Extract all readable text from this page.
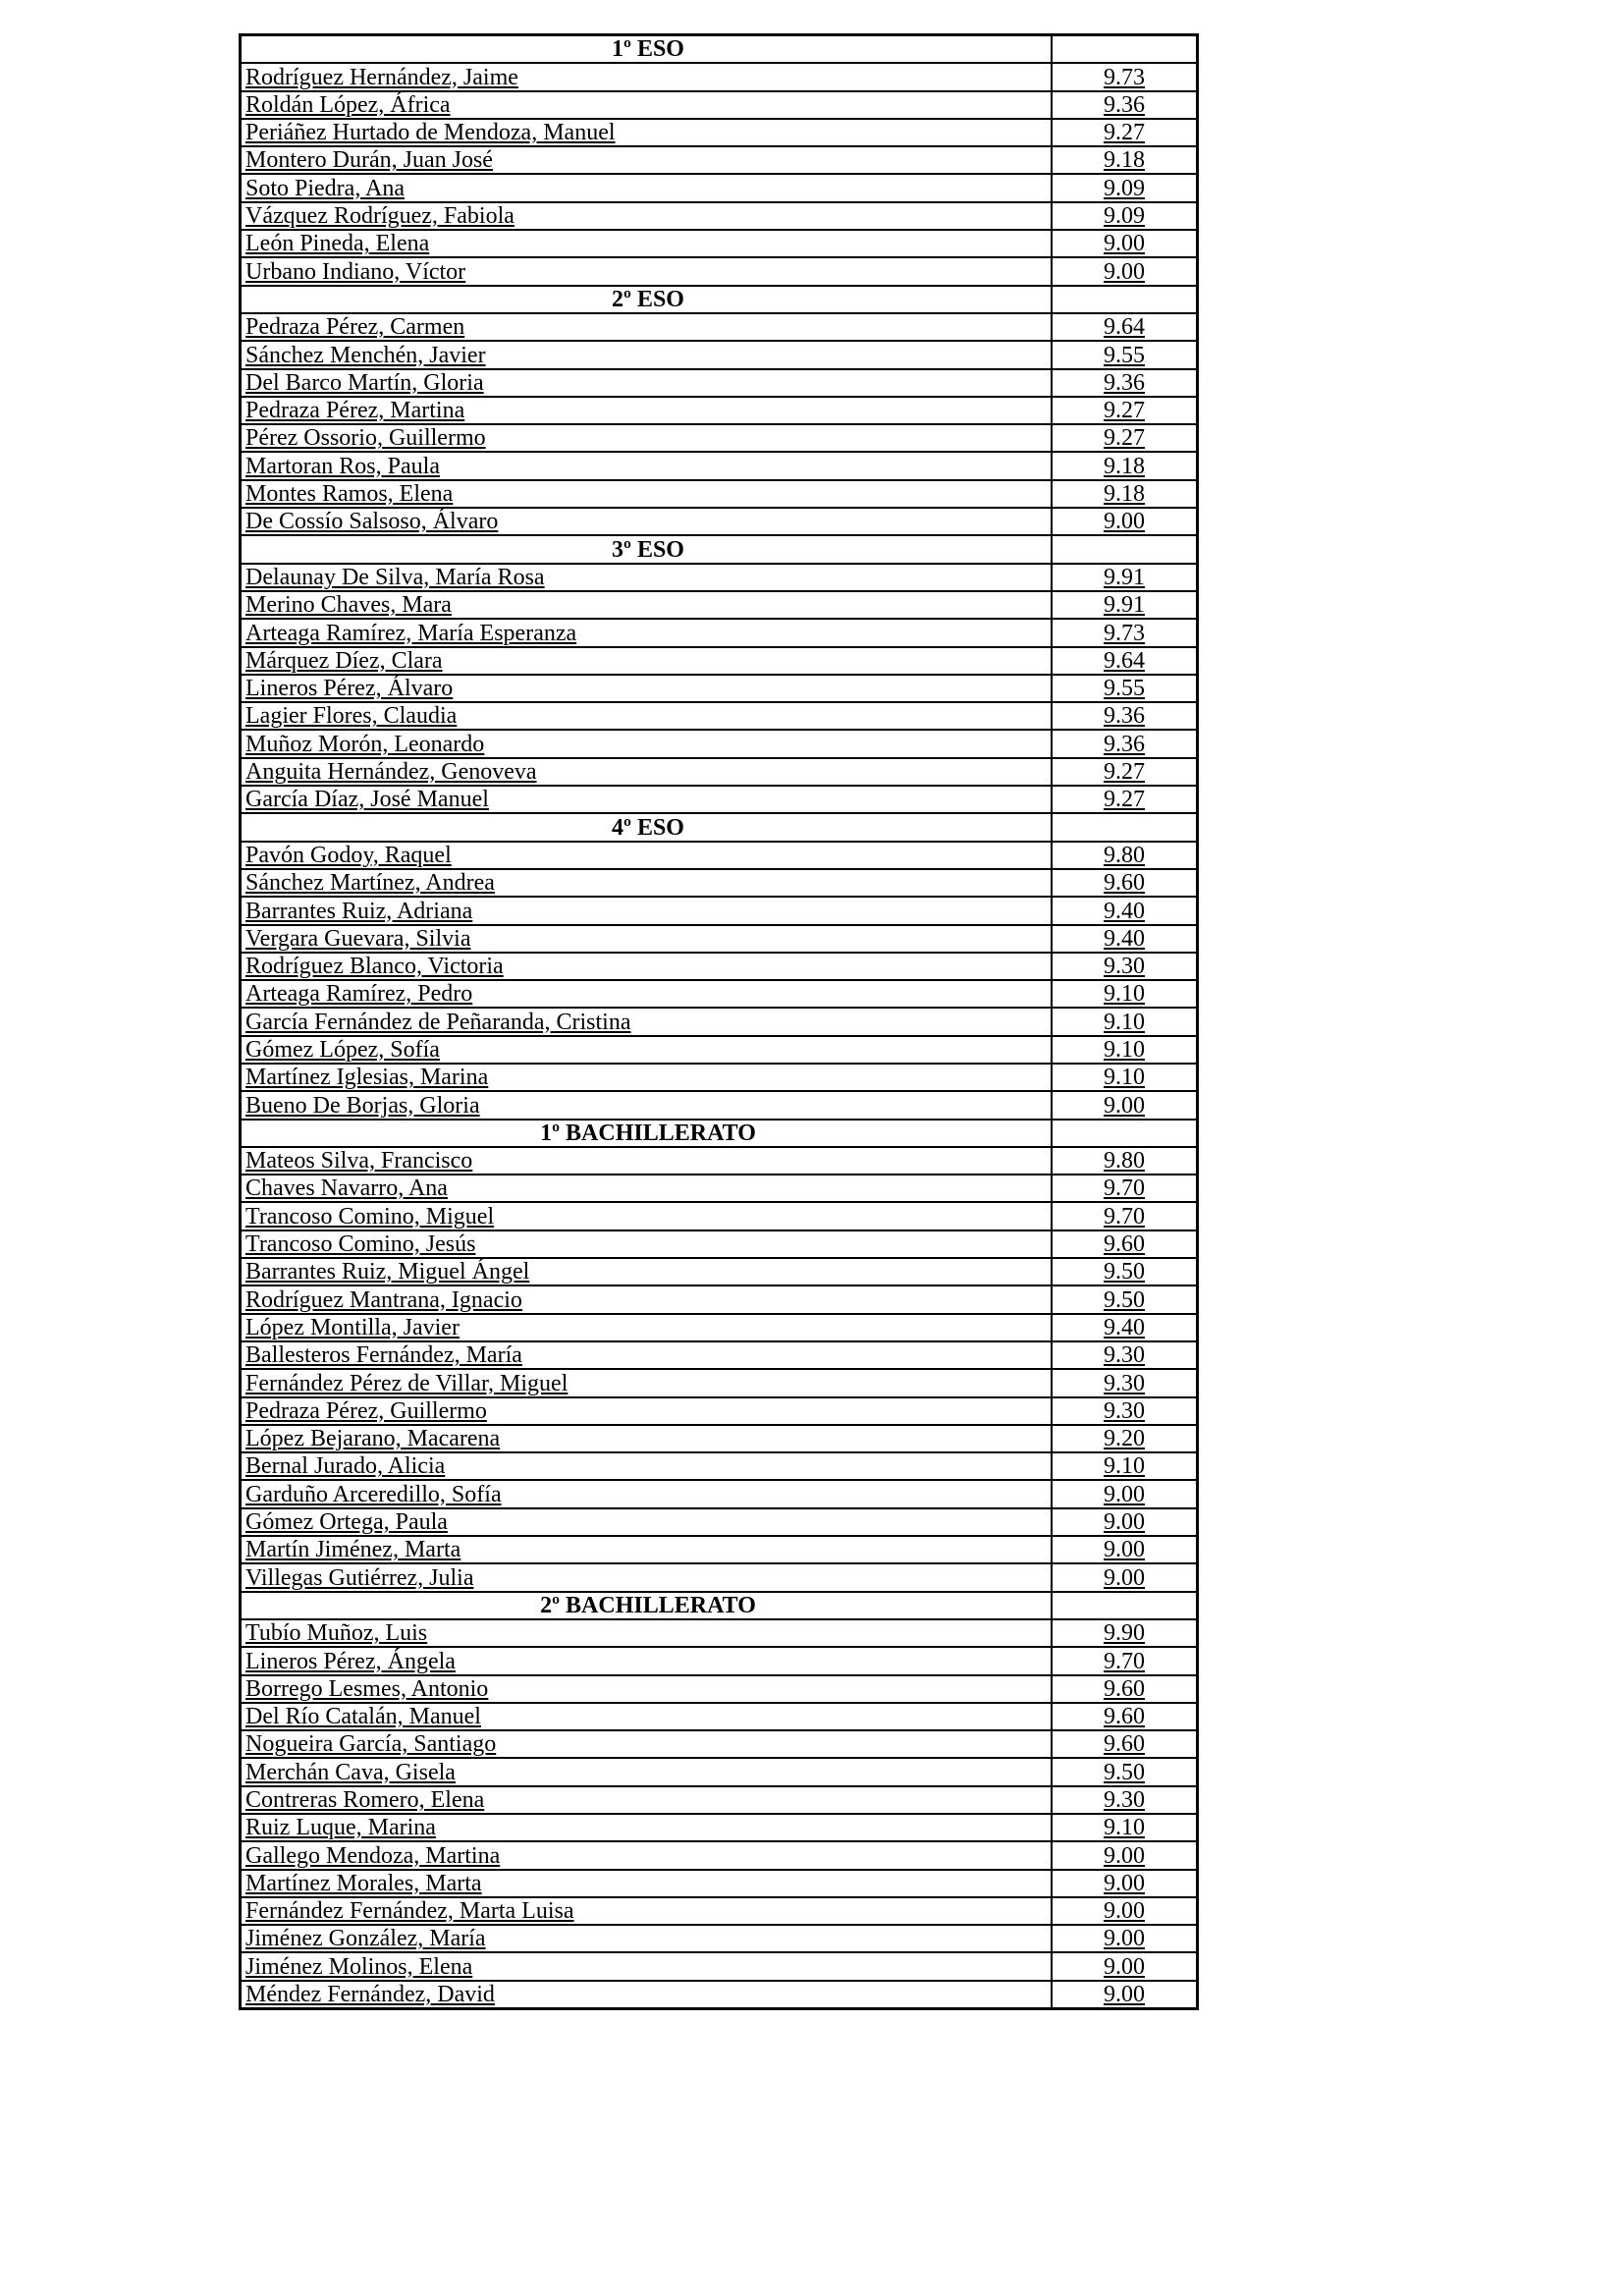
1º ESO	
Rodríguez Hernández, Jaime	9.73
Roldán López, África	9.36
Periáñez Hurtado de Mendoza, Manuel	9.27
Montero Durán, Juan José	9.18
Soto Piedra, Ana	9.09
Vázquez Rodríguez, Fabiola	9.09
León Pineda, Elena	9.00
Urbano Indiano, Víctor	9.00
2º ESO	
Pedraza Pérez, Carmen	9.64
Sánchez Menchén, Javier	9.55
Del Barco Martín, Gloria	9.36
Pedraza Pérez, Martina	9.27
Pérez Ossorio, Guillermo	9.27
Martoran Ros, Paula	9.18
Montes Ramos, Elena	9.18
De Cossío Salsoso, Álvaro	9.00
3º ESO	
Delaunay De Silva, María Rosa	9.91
Merino Chaves, Mara	9.91
Arteaga Ramírez, María Esperanza	9.73
Márquez Díez, Clara	9.64
Lineros Pérez, Álvaro	9.55
Lagier Flores, Claudia	9.36
Muñoz Morón, Leonardo	9.36
Anguita Hernández, Genoveva	9.27
García Díaz, José Manuel	9.27
4º ESO	
Pavón Godoy, Raquel	9.80
Sánchez Martínez, Andrea	9.60
Barrantes Ruiz, Adriana	9.40
Vergara Guevara, Silvia	9.40
Rodríguez Blanco, Victoria	9.30
Arteaga Ramírez, Pedro	9.10
García Fernández de Peñaranda, Cristina	9.10
Gómez López, Sofía	9.10
Martínez Iglesias, Marina	9.10
Bueno De Borjas, Gloria	9.00
1º BACHILLERATO	
Mateos Silva, Francisco	9.80
Chaves Navarro, Ana	9.70
Trancoso Comino, Miguel	9.70
Trancoso Comino, Jesús	9.60
Barrantes Ruiz, Miguel Ángel	9.50
Rodríguez Mantrana, Ignacio	9.50
López Montilla, Javier	9.40
Ballesteros Fernández, María	9.30
Fernández Pérez de Villar, Miguel	9.30
Pedraza Pérez, Guillermo	9.30
López Bejarano, Macarena	9.20
Bernal Jurado, Alicia	9.10
Garduño Arceredillo, Sofía	9.00
Gómez Ortega, Paula	9.00
Martín Jiménez, Marta	9.00
Villegas Gutiérrez, Julia	9.00
2º BACHILLERATO	
Tubío Muñoz, Luis	9.90
Lineros Pérez, Ángela	9.70
Borrego Lesmes, Antonio	9.60
Del Río Catalán, Manuel	9.60
Nogueira García, Santiago	9.60
Merchán Cava, Gisela	9.50
Contreras Romero, Elena	9.30
Ruiz Luque, Marina	9.10
Gallego Mendoza, Martina	9.00
Martínez Morales, Marta	9.00
Fernández Fernández, Marta Luisa	9.00
Jiménez González, María	9.00
Jiménez Molinos, Elena	9.00
Méndez Fernández, David	9.00
